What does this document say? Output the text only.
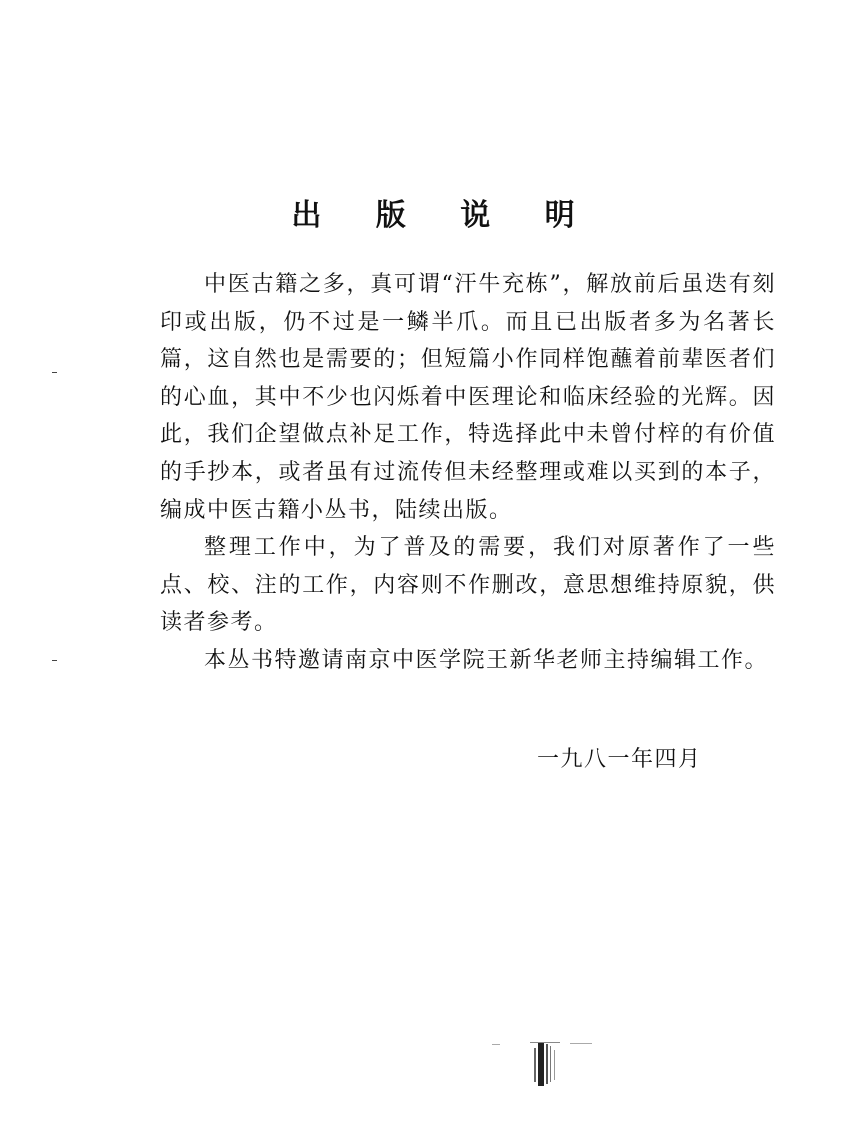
出 版 说 明

中医古籍之多，真可谓“汗牛充栋”，解放前后虽迭有刻印或出版，仍不过是一鳞半爪。而且已出版者多为名著长篇，这自然也是需要的；但短篇小作同样饱蘸着前辈医者们的心血，其中不少也闪烁着中医理论和临床经验的光辉。因此，我们企望做点补足工作，特选择此中未曾付梓的有价值的手抄本，或者虽有过流传但未经整理或难以买到的本子，编成中医古籍小丛书，陆续出版。

整理工作中，为了普及的需要，我们对原著作了一些点、校、注的工作，内容则不作删改，意思想维持原貌，供读者参考。

本丛书特邀请南京中医学院王新华老师主持编辑工作。

一九八一年四月
